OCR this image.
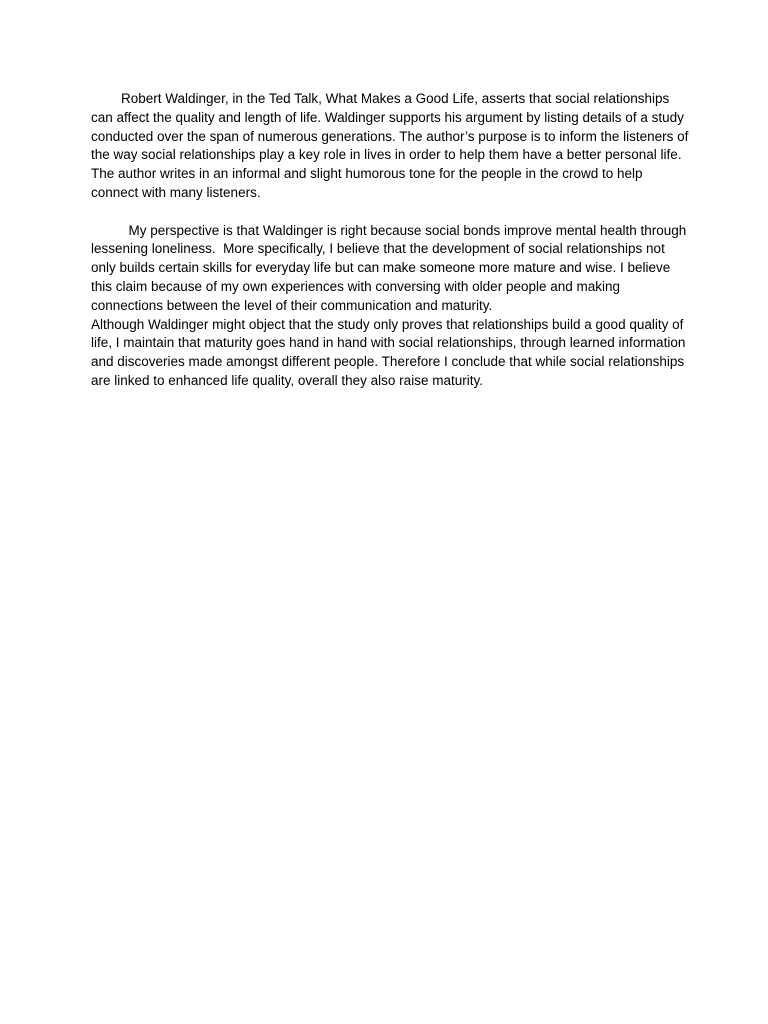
Robert Waldinger, in the Ted Talk, What Makes a Good Life, asserts that social relationships can affect the quality and length of life. Waldinger supports his argument by listing details of a study conducted over the span of numerous generations. The author’s purpose is to inform the listeners of the way social relationships play a key role in lives in order to help them have a better personal life. The author writes in an informal and slight humorous tone for the people in the crowd to help connect with many listeners.

My perspective is that Waldinger is right because social bonds improve mental health through lessening loneliness.  More specifically, I believe that the development of social relationships not only builds certain skills for everyday life but can make someone more mature and wise. I believe this claim because of my own experiences with conversing with older people and making connections between the level of their communication and maturity.

Although Waldinger might object that the study only proves that relationships build a good quality of life, I maintain that maturity goes hand in hand with social relationships, through learned information and discoveries made amongst different people. Therefore I conclude that while social relationships are linked to enhanced life quality, overall they also raise maturity.
